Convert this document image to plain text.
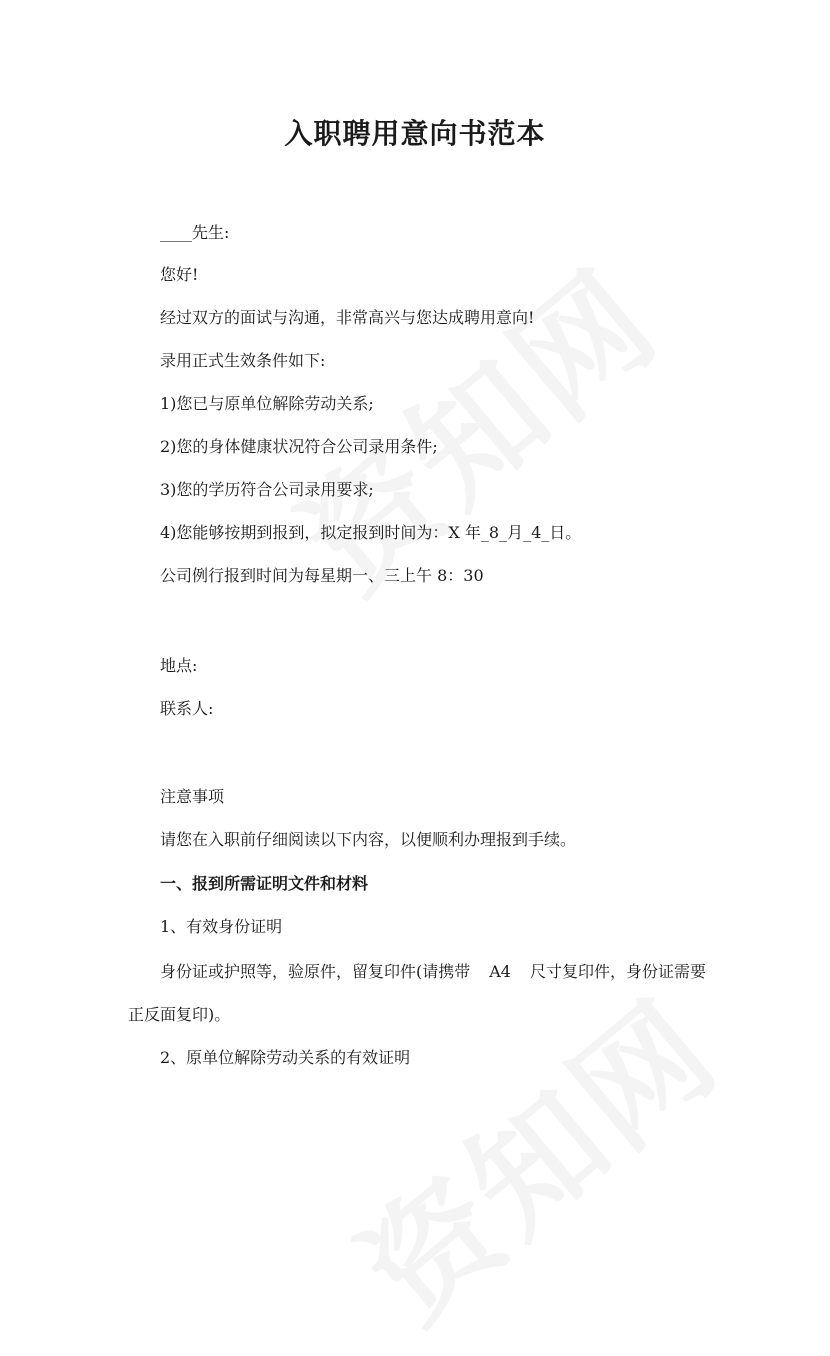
入职聘用意向书范本

____先生:

您好!

经过双方的面试与沟通，非常高兴与您达成聘用意向!

录用正式生效条件如下:

1)您已与原单位解除劳动关系;

2)您的身体健康状况符合公司录用条件;

3)您的学历符合公司录用要求;

4)您能够按期到报到，拟定报到时间为：X 年_8_月_4_日。

公司例行报到时间为每星期一、三上午 8：30

地点:

联系人:

注意事项

请您在入职前仔细阅读以下内容，以便顺利办理报到手续。

一、报到所需证明文件和材料

1、有效身份证明

身份证或护照等，验原件，留复印件(请携带 A4 尺寸复印件，身份证需要

正反面复印)。

2、原单位解除劳动关系的有效证明
